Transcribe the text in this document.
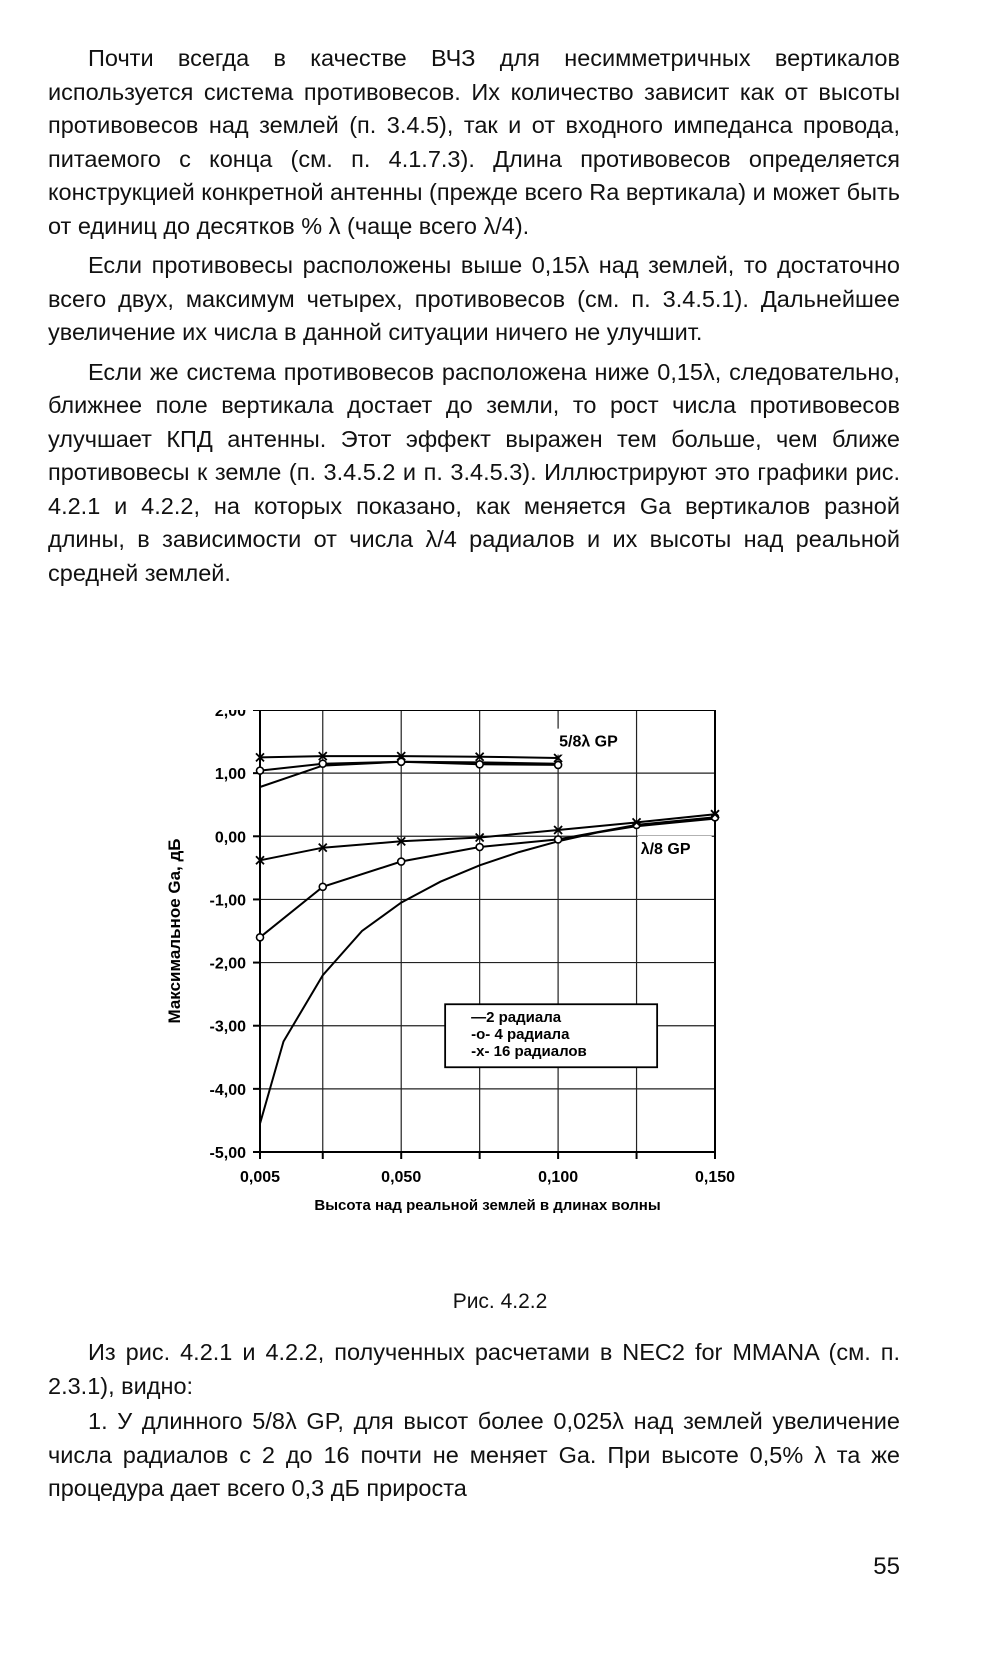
Почти всегда в качестве ВЧЗ для несимметричных вертикалов используется система противовесов. Их количество зависит как от высоты противовесов над землей (п. 3.4.5), так и от входного импеданса провода, питаемого с конца (см. п. 4.1.7.3). Длина противовесов определяется конструкцией конкретной антенны (прежде всего Ra вертикала) и может быть от единиц до десятков % λ (чаще всего λ/4).

Если противовесы расположены выше 0,15λ над землей, то достаточно всего двух, максимум четырех, противовесов (см. п. 3.4.5.1). Дальнейшее увеличение их числа в данной ситуации ничего не улучшит.

Если же система противовесов расположена ниже 0,15λ, следовательно, ближнее поле вертикала достает до земли, то рост числа противовесов улучшает КПД антенны. Этот эффект выражен тем больше, чем ближе противовесы к земле (п. 3.4.5.2 и п. 3.4.5.3). Иллюстрируют это графики рис. 4.2.1 и 4.2.2, на которых показано, как меняется Ga вертикалов разной длины, в зависимости от числа λ/4 радиалов и их высоты над реальной средней землей.

2,00
1,00
0,00
-1,00
-2,00
-3,00
-4,00
-5,00
0,005	0,050	0,100	0,150
Высота над реальной землей в длинах волны
Максимальное Ga, дБ
5/8λ GP
λ/8 GP
—2 радиала
-o- 4 радиала
-x- 16 радиалов
Рис. 4.2.2

Из рис. 4.2.1 и 4.2.2, полученных расчетами в NEC2 for MMANA (см. п. 2.3.1), видно:

1. У длинного 5/8λ GP, для высот более 0,025λ над землей увеличение числа радиалов с 2 до 16 почти не меняет Ga. При высоте 0,5% λ та же процедура дает всего 0,3 дБ прироста

55
